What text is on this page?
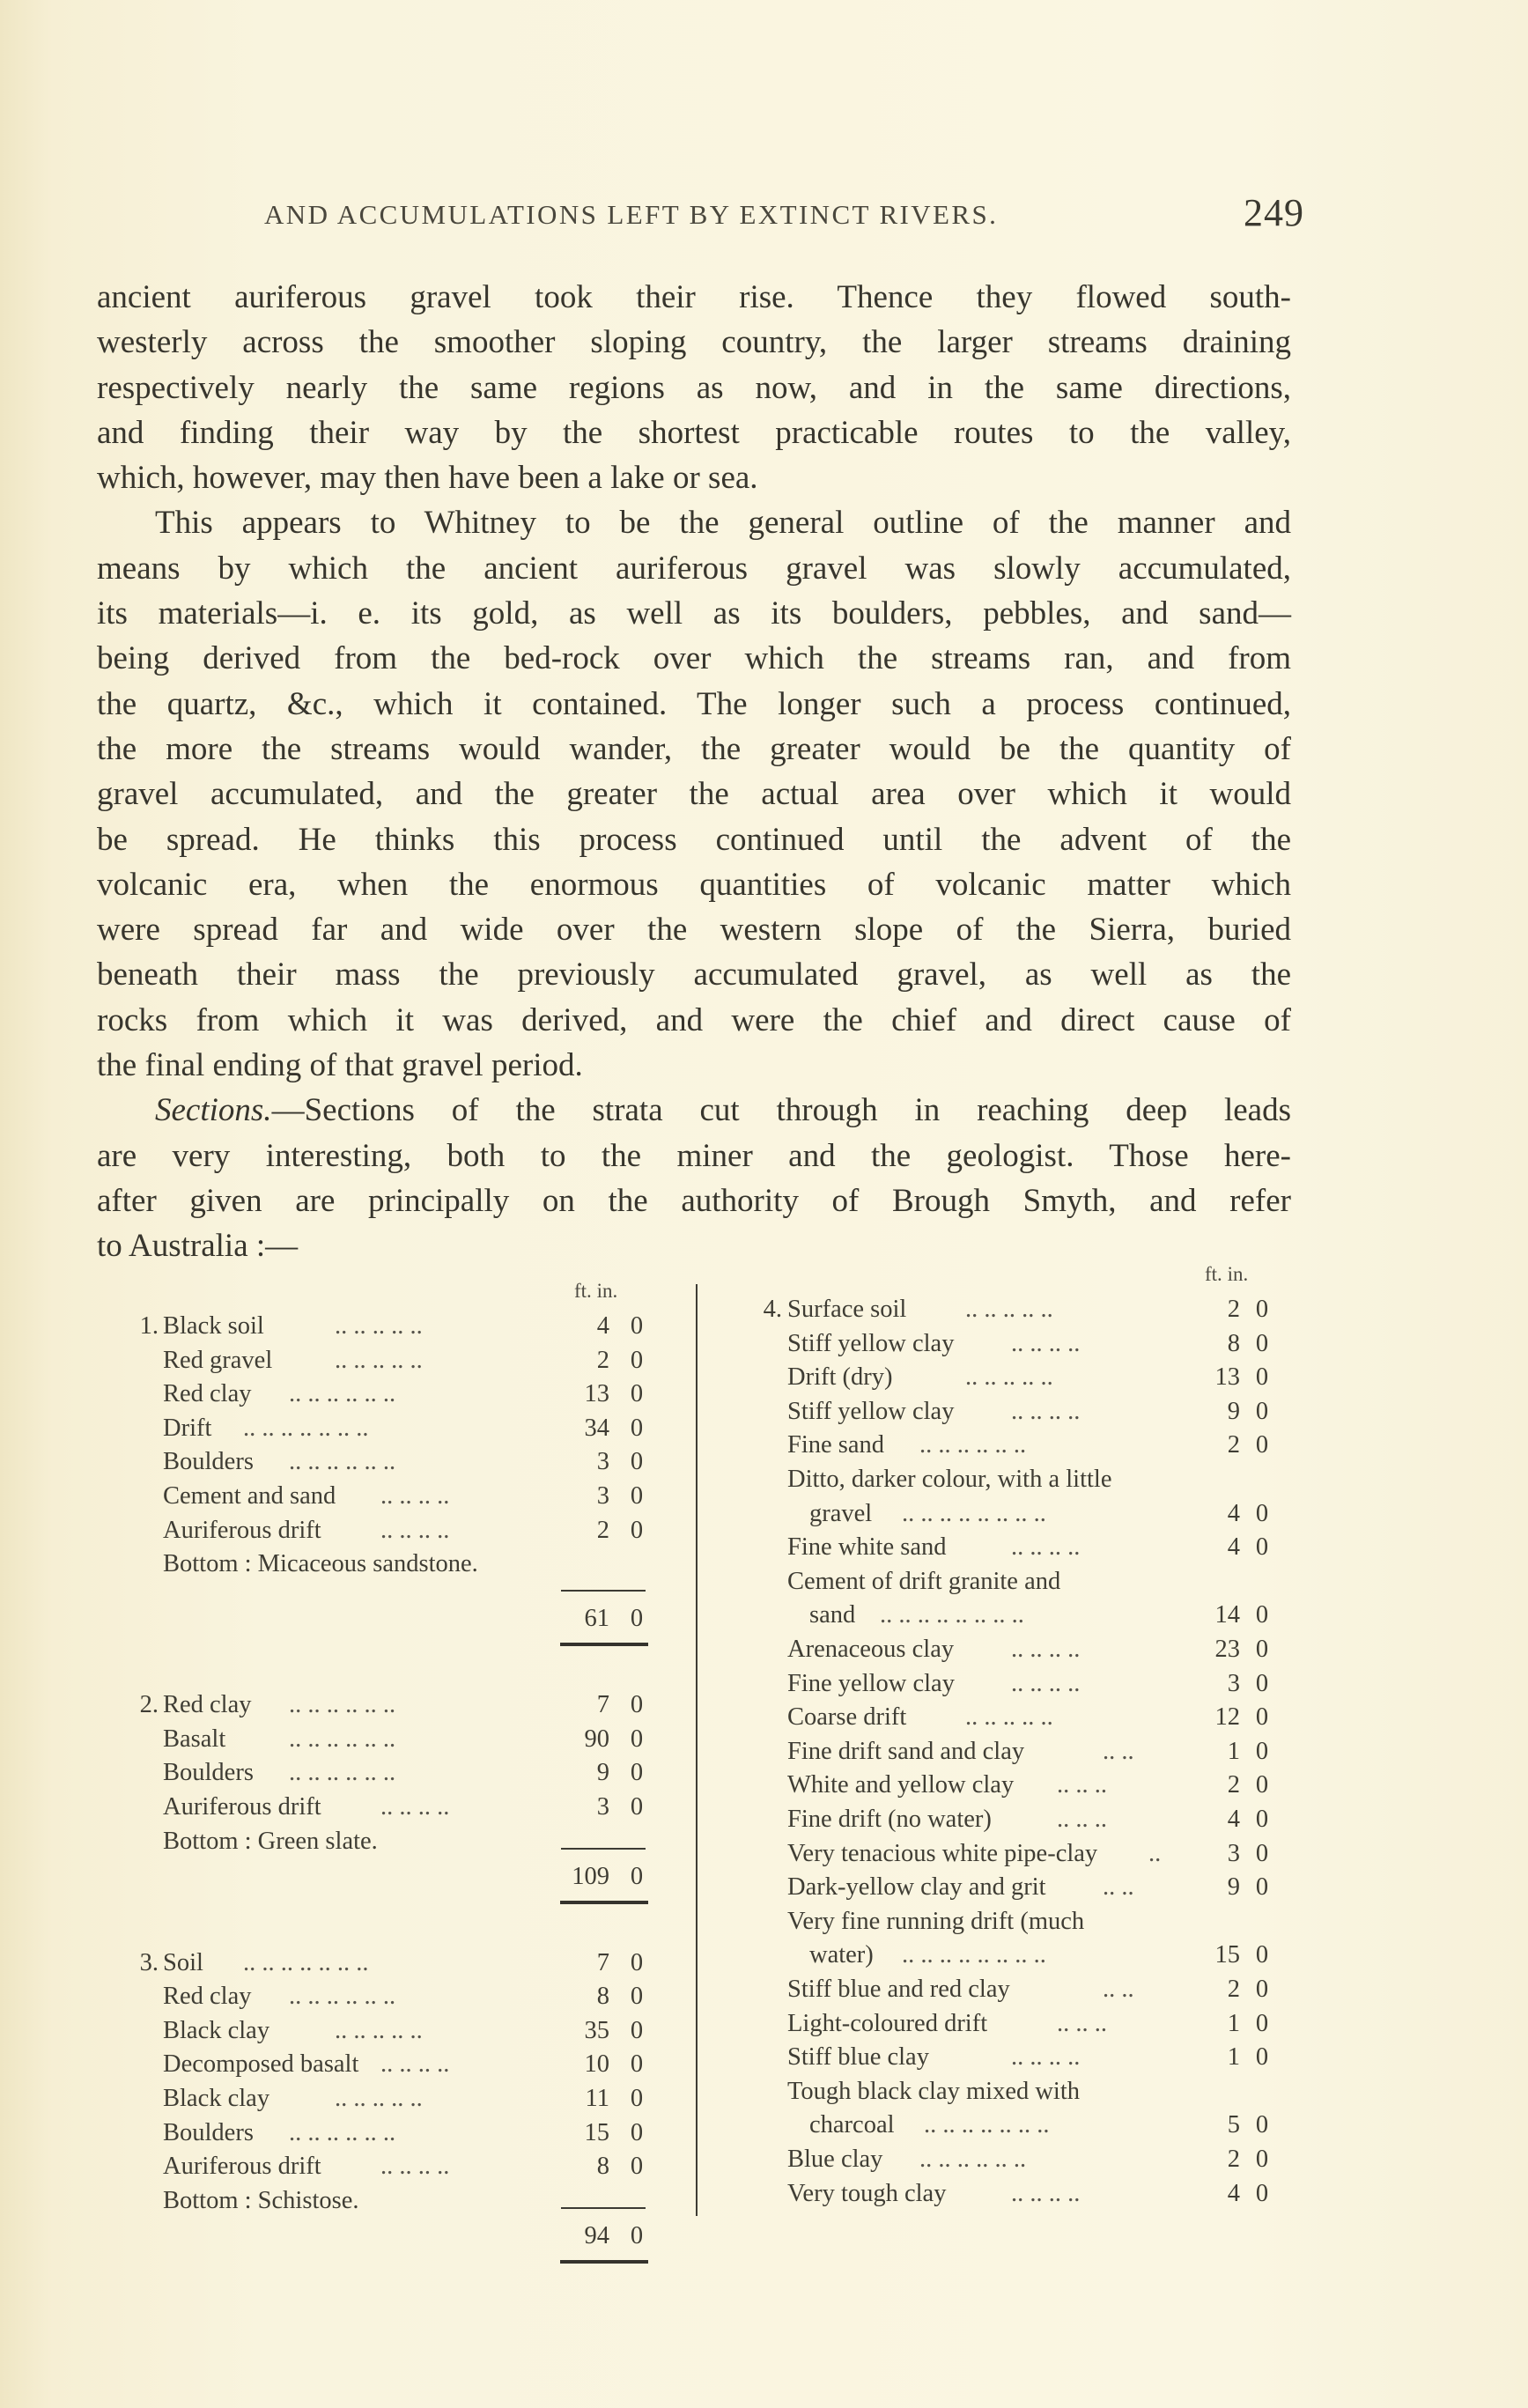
AND ACCUMULATIONS LEFT BY EXTINCT RIVERS.	249

ancient auriferous gravel took their rise. Thence they flowed south-
westerly across the smoother sloping country, the larger streams draining
respectively nearly the same regions as now, and in the same directions,
and finding their way by the shortest practicable routes to the valley,
which, however, may then have been a lake or sea.

This appears to Whitney to be the general outline of the manner and
means by which the ancient auriferous gravel was slowly accumulated,
its materials—i. e. its gold, as well as its boulders, pebbles, and sand—
being derived from the bed-rock over which the streams ran, and from
the quartz, &c., which it contained. The longer such a process continued,
the more the streams would wander, the greater would be the quantity of
gravel accumulated, and the greater the actual area over which it would
be spread. He thinks this process continued until the advent of the
volcanic era, when the enormous quantities of volcanic matter which
were spread far and wide over the western slope of the Sierra, buried
beneath their mass the previously accumulated gravel, as well as the
rocks from which it was derived, and were the chief and direct cause of
the final ending of that gravel period.

Sections.—Sections of the strata cut through in reaching deep leads
are very interesting, both to the miner and the geologist. Those here-
after given are principally on the authority of Brough Smyth, and refer
to Australia :—

ft. in.
1. Black soil	.. .. .. .. ..	4 0
Red gravel .. .. .. .. ..	2 0
Red clay .. .. .. .. .. ..	13 0
Drift .. .. .. .. .. .. ..	34 0
Boulders .. .. .. .. .. ..	3 0
Cement and sand .. .. .. ..	3 0
Auriferous drift .. .. .. ..	2 0
Bottom : Micaceous sandstone.
61 0
2. Red clay .. .. .. .. .. ..	7 0
Basalt	.. .. .. .. .. ..	90 0
Boulders .. .. .. .. .. ..	9 0
Auriferous drift .. .. .. ..	3 0
Bottom : Green slate.
109 0
3. Soil .. .. .. .. .. .. ..	7 0
Red clay .. .. .. .. .. ..	8 0
Black clay	.. .. .. .. ..	35 0
Decomposed basalt .. .. .. ..	10 0
Black clay	.. .. .. .. ..	11 0
Boulders .. .. .. .. .. ..	15 0
Auriferous drift .. .. .. ..	8 0
Bottom : Schistose.
94 0
ft. in.
4. Surface soil .. .. .. .. ..	2 0
Stiff yellow clay .. .. .. ..	8 0
Drift (dry)	.. .. .. .. ..	13 0
Stiff yellow clay .. .. .. ..	9 0
Fine sand .. .. .. .. .. ..	2 0
Ditto, darker colour, with a little
gravel .. .. .. .. .. .. .. ..	4 0
Fine white sand	.. .. .. ..	4 0
Cement of drift granite and
sand .. .. .. .. .. .. .. ..	14 0
Arenaceous clay .. .. .. ..	23 0
Fine yellow clay .. .. .. ..	3 0
Coarse drift .. .. .. .. ..	12 0
Fine drift sand and clay	.. ..	1 0
White and yellow clay .. .. ..	2 0
Fine drift (no water)	.. .. ..	4 0
Very tenacious white pipe-clay ..	3 0
Dark-yellow clay and grit .. ..	9 0
Very fine running drift (much
water) .. .. .. .. .. .. .. ..	15 0
Stiff blue and red clay	.. ..	2 0
Light-coloured drift	.. .. ..	1 0
Stiff blue clay	.. .. .. ..	1 0
Tough black clay mixed with
charcoal .. .. .. .. .. .. ..	5 0
Blue clay .. .. .. .. .. ..	2 0
Very tough clay	.. .. .. ..	4 0
